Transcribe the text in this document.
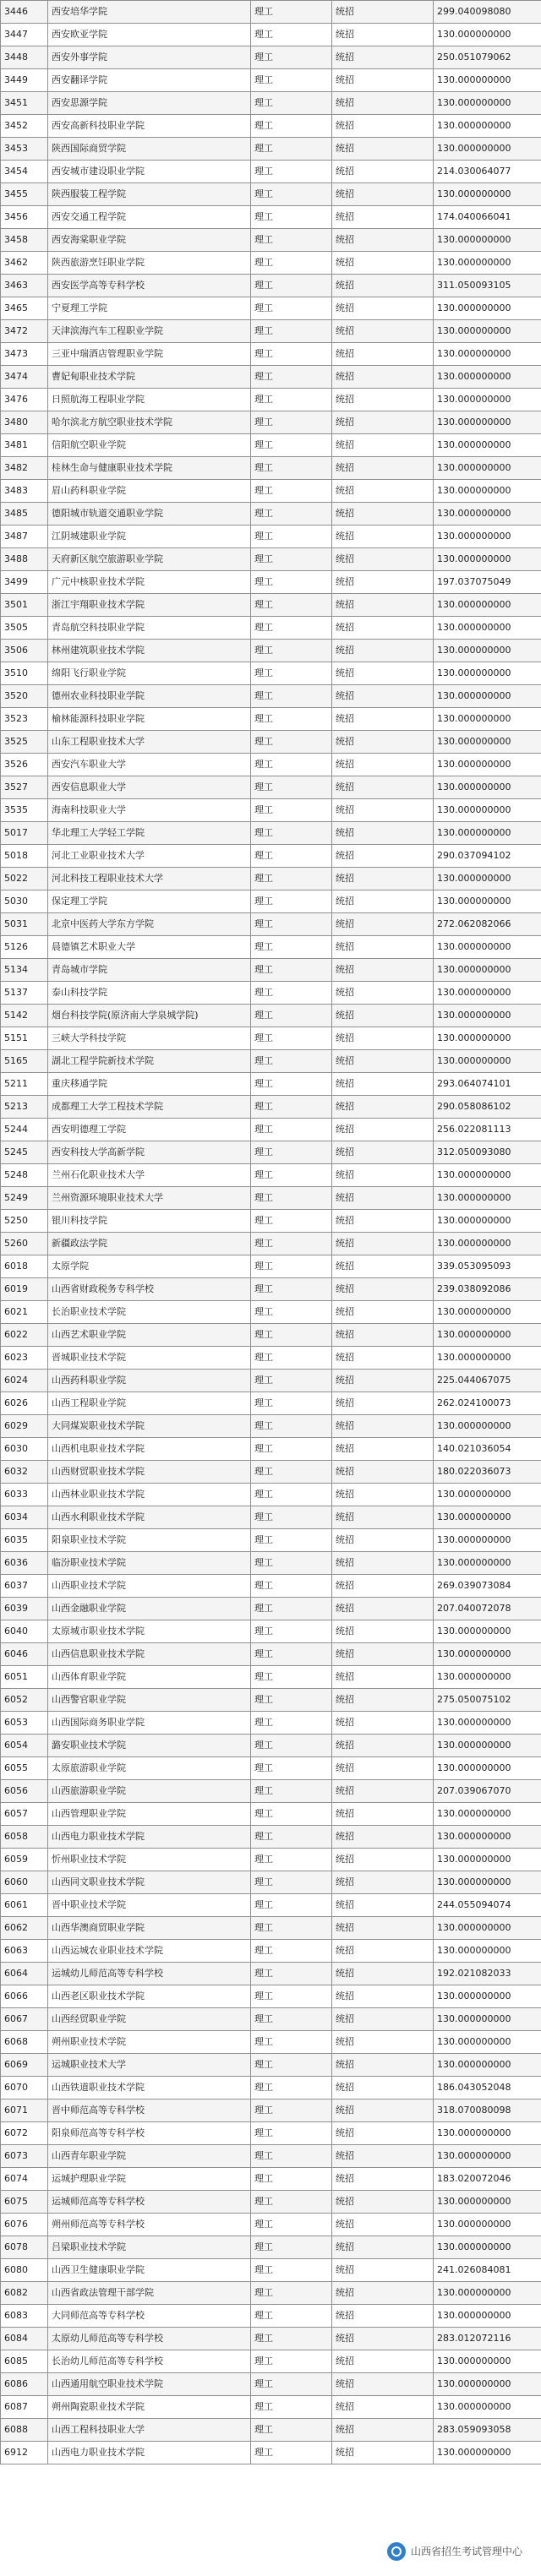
3446	西安培华学院	理工	统招	299.040098080
3447	西安欧亚学院	理工	统招	130.000000000
3448	西安外事学院	理工	统招	250.051079062
3449	西安翻译学院	理工	统招	130.000000000
3451	西安思源学院	理工	统招	130.000000000
3452	西安高新科技职业学院	理工	统招	130.000000000
3453	陕西国际商贸学院	理工	统招	130.000000000
3454	西安城市建设职业学院	理工	统招	214.030064077
3455	陕西服装工程学院	理工	统招	130.000000000
3456	西安交通工程学院	理工	统招	174.040066041
3458	西安海棠职业学院	理工	统招	130.000000000
3462	陕西旅游烹饪职业学院	理工	统招	130.000000000
3463	西安医学高等专科学校	理工	统招	311.050093105
3465	宁夏理工学院	理工	统招	130.000000000
3472	天津滨海汽车工程职业学院	理工	统招	130.000000000
3473	三亚中瑞酒店管理职业学院	理工	统招	130.000000000
3474	曹妃甸职业技术学院	理工	统招	130.000000000
3476	日照航海工程职业学院	理工	统招	130.000000000
3480	哈尔滨北方航空职业技术学院	理工	统招	130.000000000
3481	信阳航空职业学院	理工	统招	130.000000000
3482	桂林生命与健康职业技术学院	理工	统招	130.000000000
3483	眉山药科职业学院	理工	统招	130.000000000
3485	德阳城市轨道交通职业学院	理工	统招	130.000000000
3487	江阴城建职业学院	理工	统招	130.000000000
3488	天府新区航空旅游职业学院	理工	统招	130.000000000
3499	广元中核职业技术学院	理工	统招	197.037075049
3501	浙江宇翔职业技术学院	理工	统招	130.000000000
3505	青岛航空科技职业学院	理工	统招	130.000000000
3506	林州建筑职业技术学院	理工	统招	130.000000000
3510	绵阳飞行职业学院	理工	统招	130.000000000
3520	德州农业科技职业学院	理工	统招	130.000000000
3523	榆林能源科技职业学院	理工	统招	130.000000000
3525	山东工程职业技术大学	理工	统招	130.000000000
3526	西安汽车职业大学	理工	统招	130.000000000
3527	西安信息职业大学	理工	统招	130.000000000
3535	海南科技职业大学	理工	统招	130.000000000
5017	华北理工大学轻工学院	理工	统招	130.000000000
5018	河北工业职业技术大学	理工	统招	290.037094102
5022	河北科技工程职业技术大学	理工	统招	130.000000000
5030	保定理工学院	理工	统招	130.000000000
5031	北京中医药大学东方学院	理工	统招	272.062082066
5126	晨德镇艺术职业大学	理工	统招	130.000000000
5134	青岛城市学院	理工	统招	130.000000000
5137	泰山科技学院	理工	统招	130.000000000
5142	烟台科技学院(原济南大学泉城学院)	理工	统招	130.000000000
5151	三峡大学科技学院	理工	统招	130.000000000
5165	湖北工程学院新技术学院	理工	统招	130.000000000
5211	重庆移通学院	理工	统招	293.064074101
5213	成都理工大学工程技术学院	理工	统招	290.058086102
5244	西安明德理工学院	理工	统招	256.022081113
5245	西安科技大学高新学院	理工	统招	312.050093080
5248	兰州石化职业技术大学	理工	统招	130.000000000
5249	兰州资源环境职业技术大学	理工	统招	130.000000000
5250	银川科技学院	理工	统招	130.000000000
5260	新疆政法学院	理工	统招	130.000000000
6018	太原学院	理工	统招	339.053095093
6019	山西省财政税务专科学校	理工	统招	239.038092086
6021	长治职业技术学院	理工	统招	130.000000000
6022	山西艺术职业学院	理工	统招	130.000000000
6023	晋城职业技术学院	理工	统招	130.000000000
6024	山西药科职业学院	理工	统招	225.044067075
6026	山西工程职业学院	理工	统招	262.024100073
6029	大同煤炭职业技术学院	理工	统招	130.000000000
6030	山西机电职业技术学院	理工	统招	140.021036054
6032	山西财贸职业技术学院	理工	统招	180.022036073
6033	山西林业职业技术学院	理工	统招	130.000000000
6034	山西水利职业技术学院	理工	统招	130.000000000
6035	阳泉职业技术学院	理工	统招	130.000000000
6036	临汾职业技术学院	理工	统招	130.000000000
6037	山西职业技术学院	理工	统招	269.039073084
6039	山西金融职业学院	理工	统招	207.040072078
6040	太原城市职业技术学院	理工	统招	130.000000000
6046	山西信息职业技术学院	理工	统招	130.000000000
6051	山西体育职业学院	理工	统招	130.000000000
6052	山西警官职业学院	理工	统招	275.050075102
6053	山西国际商务职业学院	理工	统招	130.000000000
6054	潞安职业技术学院	理工	统招	130.000000000
6055	太原旅游职业学院	理工	统招	130.000000000
6056	山西旅游职业学院	理工	统招	207.039067070
6057	山西管理职业学院	理工	统招	130.000000000
6058	山西电力职业技术学院	理工	统招	130.000000000
6059	忻州职业技术学院	理工	统招	130.000000000
6060	山西同文职业技术学院	理工	统招	130.000000000
6061	晋中职业技术学院	理工	统招	244.055094074
6062	山西华澳商贸职业学院	理工	统招	130.000000000
6063	山西运城农业职业技术学院	理工	统招	130.000000000
6064	运城幼儿师范高等专科学校	理工	统招	192.021082033
6066	山西老区职业技术学院	理工	统招	130.000000000
6067	山西经贸职业学院	理工	统招	130.000000000
6068	朔州职业技术学院	理工	统招	130.000000000
6069	运城职业技术大学	理工	统招	130.000000000
6070	山西铁道职业技术学院	理工	统招	186.043052048
6071	晋中师范高等专科学校	理工	统招	318.070080098
6072	阳泉师范高等专科学校	理工	统招	130.000000000
6073	山西青年职业学院	理工	统招	130.000000000
6074	运城护理职业学院	理工	统招	183.020072046
6075	运城师范高等专科学校	理工	统招	130.000000000
6076	朔州师范高等专科学校	理工	统招	130.000000000
6078	吕梁职业技术学院	理工	统招	130.000000000
6080	山西卫生健康职业学院	理工	统招	241.026084081
6082	山西省政法管理干部学院	理工	统招	130.000000000
6083	大同师范高等专科学校	理工	统招	130.000000000
6084	太原幼儿师范高等专科学校	理工	统招	283.012072116
6085	长治幼儿师范高等专科学校	理工	统招	130.000000000
6086	山西通用航空职业技术学院	理工	统招	130.000000000
6087	朔州陶瓷职业技术学院	理工	统招	130.000000000
6088	山西工程科技职业大学	理工	统招	283.059093058
6912	山西电力职业技术学院	理工	统招	130.000000000
山西省招生考试管理中心
